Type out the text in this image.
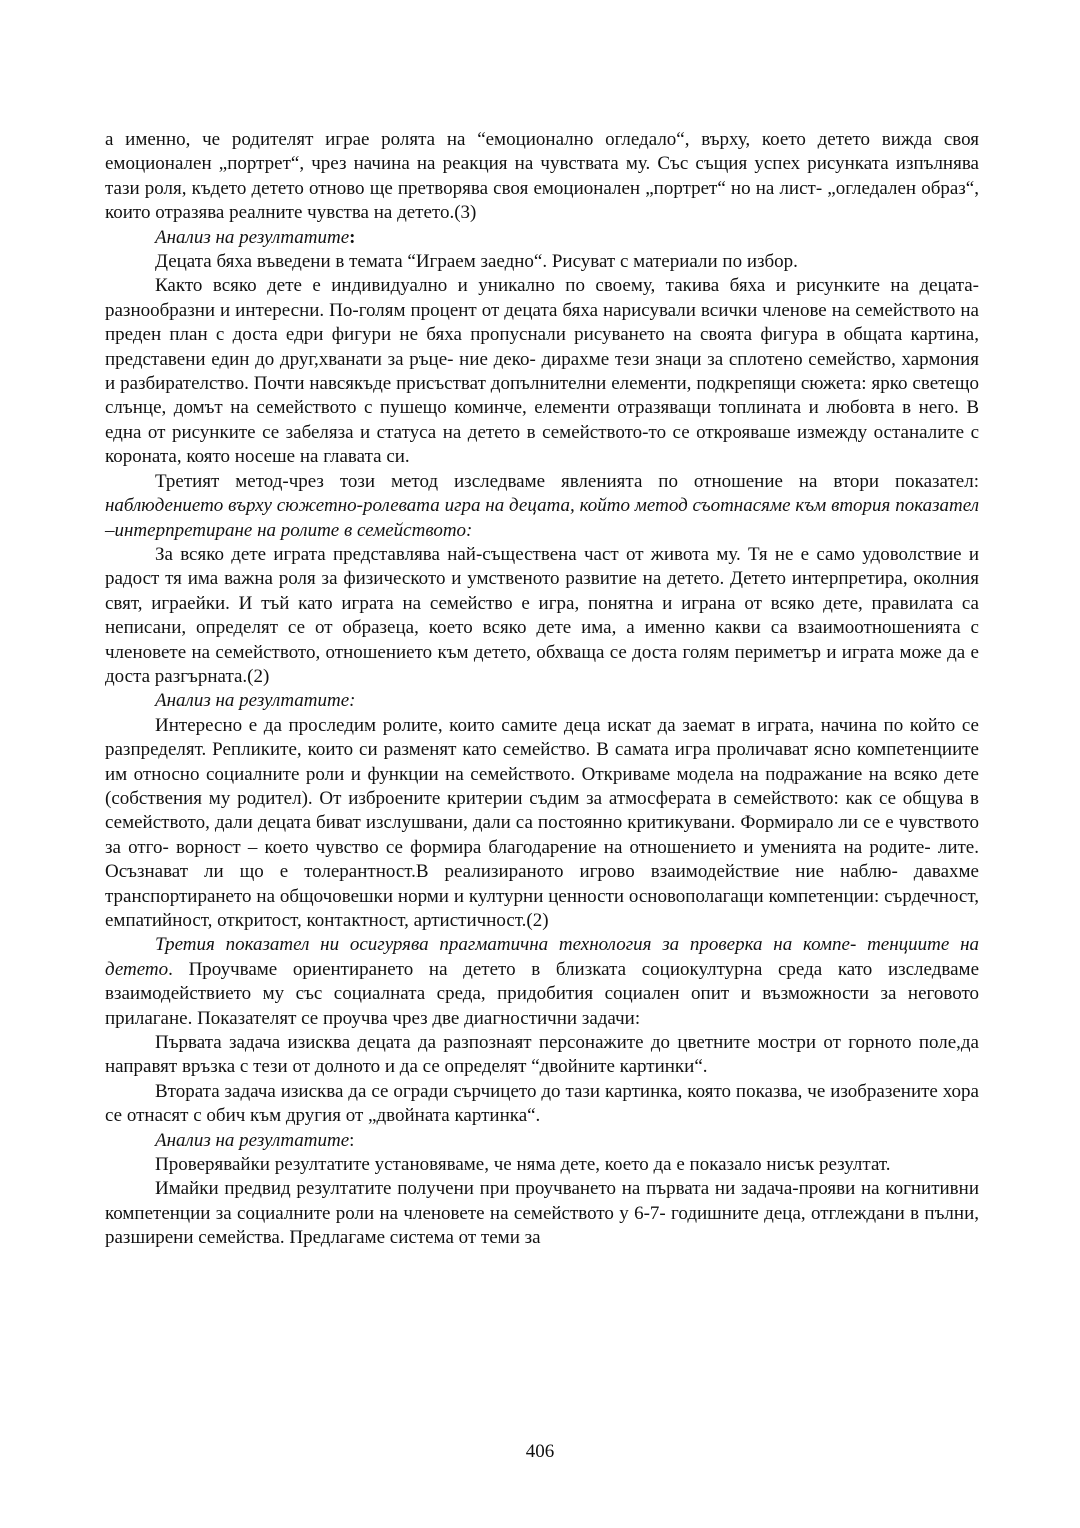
а именно, че родителят играе ролята на “емоционално огледало“, върху, което детето вижда своя емоционален „портрет“, чрез начина на реакция на чувствата му. Със същия успех рисунката изпълнява тази роля, където детето отново ще претворява своя емоционален „портрет“ но на лист- „огледален образ“, които отразява реалните чувства на детето.(3)

Анализ на резултатите:

Децата бяха въведени в темата “Играем заедно“. Рисуват с материали по избор.

Както всяко дете е индивидуално и уникално по своему, такива бяха и рисунките на децата-разнообразни и интересни. По-голям процент от децата бяха нарисували всички членове на семейството на преден план с доста едри фигури не бяха пропуснали рисуването на своята фигура в общата картина, представени един до друг,хванати за ръце- ние деко- дирахме тези знаци за сплотено семейство, хармония и разбирателство. Почти навсякъде присъстват допълнителни елементи, подкрепящи сюжета: ярко светещо слънце, домът на семейството с пушещо коминче, елементи отразяващи топлината и любовта в него. В една от рисунките се забеляза и статуса на детето в семейството-то се открояваше измежду останалите с короната, която носеше на главата си.

Третият метод-чрез този метод изследваме явленията по отношение на втори показател: наблюдението върху сюжетно-ролевата игра на децата, който метод съотнасяме към втория показател –интерпретиране на ролите в семейството:

За всяко дете играта представлява най-съществена част от живота му. Тя не е само удоволствие и радост тя има важна роля за физическото и умственото развитие на детето. Детето интерпретира, околния свят, играейки. И тъй като играта на семейство е игра, понятна и играна от всяко дете, правилата са неписани, определят се от образеца, което всяко дете има, а именно какви са взаимоотношенията с членовете на семейството, отношението към детето, обхваща се доста голям периметър и играта може да е доста разгърната.(2)

Анализ на резултатите:

Интересно е да проследим ролите, които самите деца искат да заемат в играта, начина по който се разпределят. Репликите, които си разменят като семейство. В самата игра проличават ясно компетенциите им относно социалните роли и функции на семейството. Откриваме модела на подражание на всяко дете (собствения му родител). От изброените критерии съдим за атмосферата в семейството: как се общува в семейството, дали децата биват изслушвани, дали са постоянно критикувани. Формирало ли се е чувството за отго- ворност – което чувство се формира благодарение на отношението и уменията на родите- лите. Осъзнават ли що е толерантност.В реализираното игрово взаимодействие ние наблю- давахме транспортирането на общочовешки норми и културни ценности основополагащи компетенции: сърдечност, емпатийност, откритост, контактност, артистичност.(2)

Третия показател ни осигурява прагматична технология за проверка на компе- тенциите на детето. Проучваме ориентирането на детето в близката социокултурна среда като изследваме взаимодействието му със социалната среда, придобития социален опит и възможности за неговото прилагане. Показателят се проучва чрез две диагностични задачи:

Първата задача изисква децата да разпознаят персонажите до цветните мостри от горното поле,да направят връзка с тези от долното и да се определят “двойните картинки“.

Втората задача изисква да се огради сърчицето до тази картинка, която показва, че изобразените хора се отнасят с обич към другия от „двойната картинка“.

Анализ на резултатите:

Проверявайки резултатите установяваме, че няма дете, което да е показало нисък резултат.

Имайки предвид резултатите получени при проучването на първата ни задача-прояви на когнитивни компетенции за социалните роли на членовете на семейството у 6-7- годишните деца, отглеждани в пълни, разширени семейства. Предлагаме система от теми за

406
